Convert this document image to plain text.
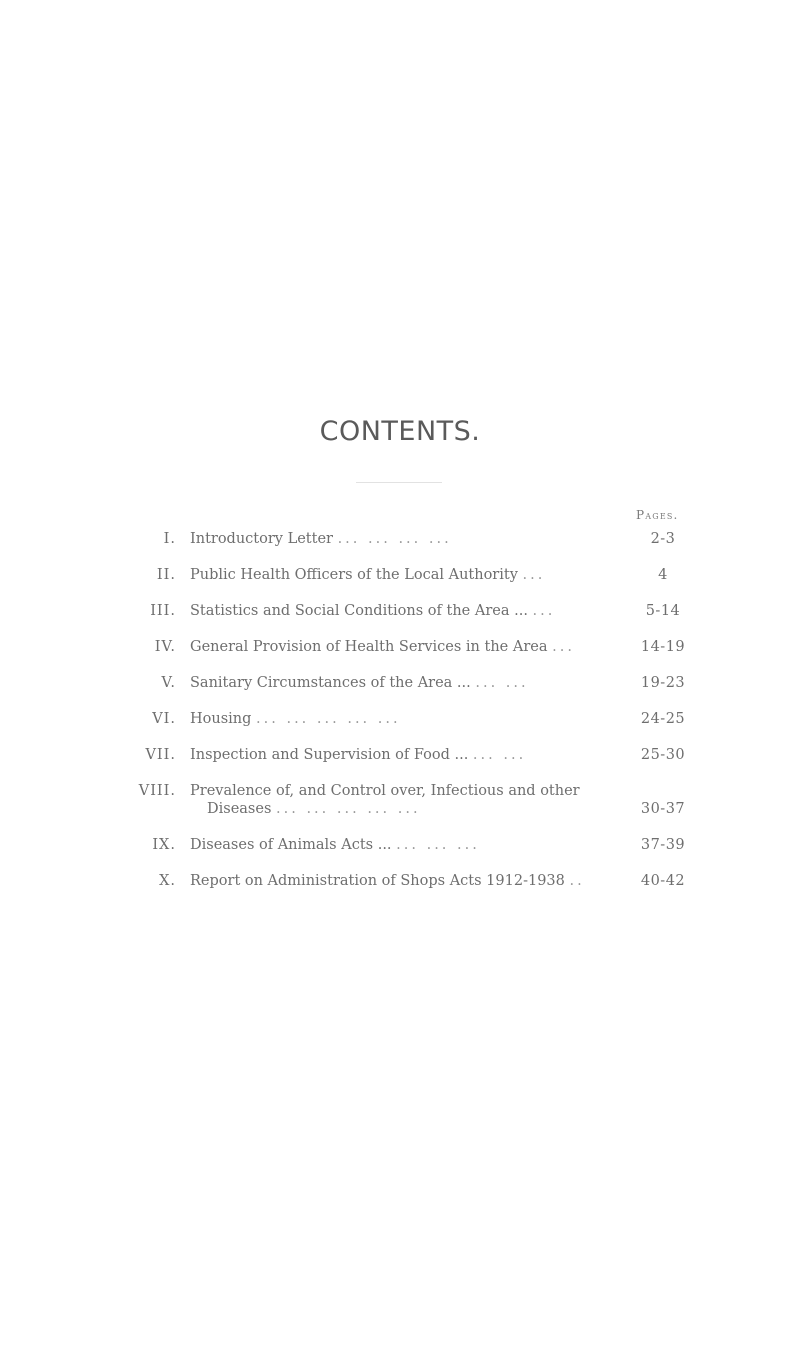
CONTENTS.
Pages.
I. Introductory Letter ... ... ... ...	2-3
II. Public Health Officers of the Local Authority ...	4
III. Statistics and Social Conditions of the Area ... ...	5-14
IV. General Provision of Health Services in the Area ...	14-19
V. Sanitary Circumstances of the Area ... ... ...	19-23
VI. Housing ... ... ... ... ...	24-25
VII. Inspection and Supervision of Food ... ... ...	25-30
VIII. Prevalence of, and Control over, Infectious and other
Diseases ... ... ... ... ...	30-37
IX. Diseases of Animals Acts ... ... ... ...	37-39
X. Report on Administration of Shops Acts 1912-1938 ..	40-42
